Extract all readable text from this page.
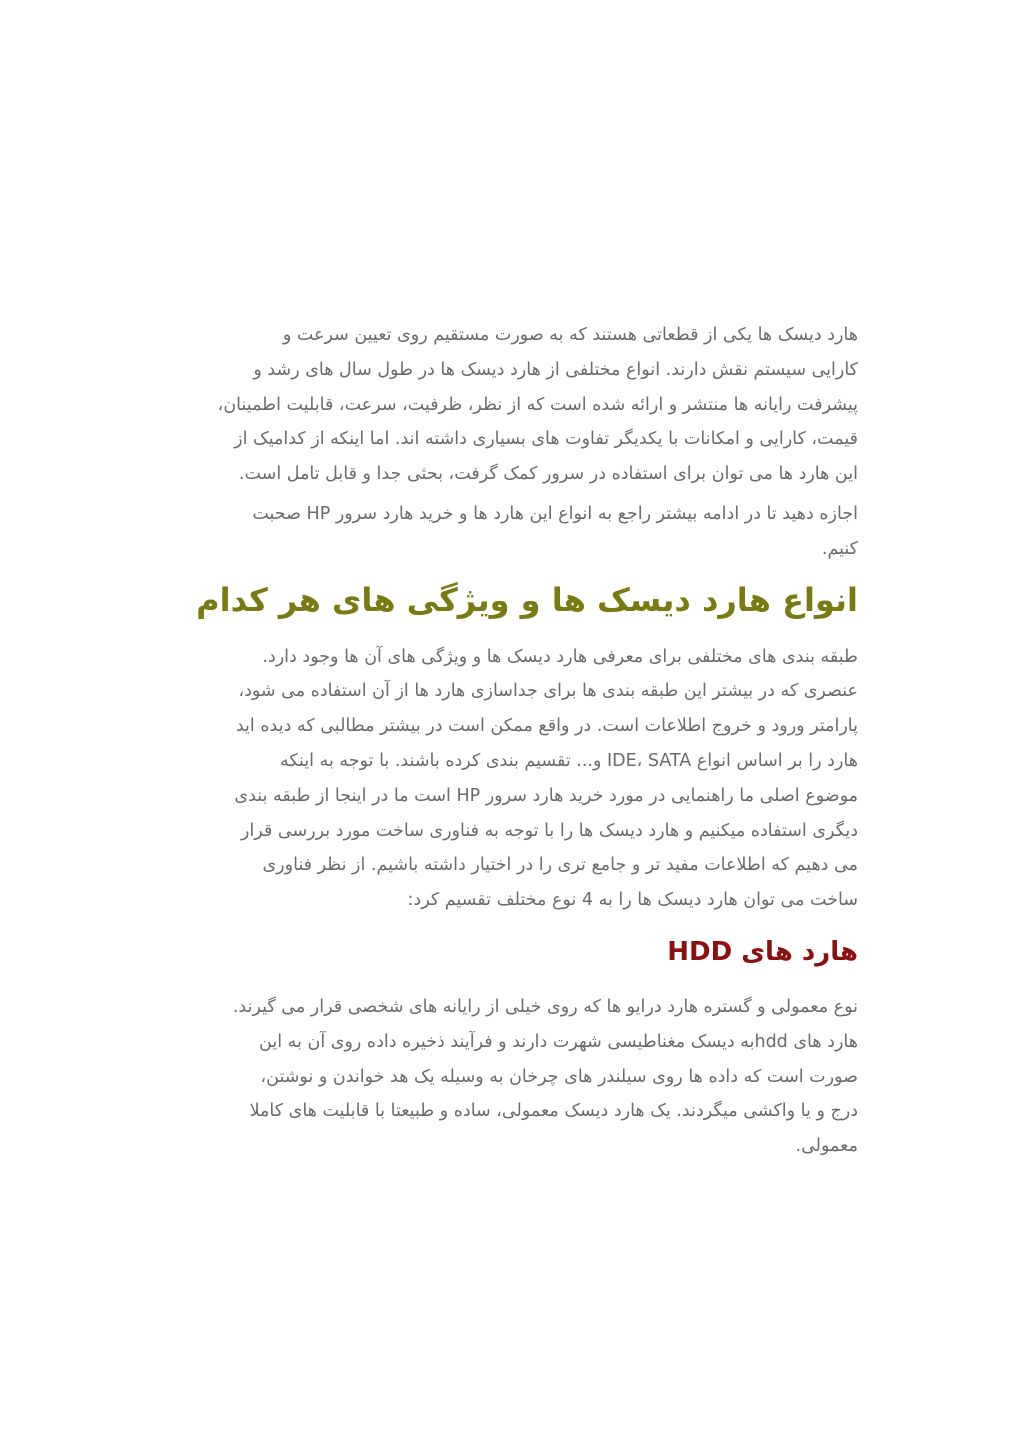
هارد دیسک ها یکی از قطعاتی هستند که به صورت مستقیم روی تعیین سرعت و
کارایی سیستم نقش دارند. انواع مختلفی از هارد دیسک ها در طول سال های رشد و
پیشرفت رایانه ها منتشر و ارائه شده است که از نظر، ظرفیت، سرعت، قابلیت اطمینان،
قیمت، کارایی و امکانات با یکدیگر تفاوت های بسیاری داشته اند. اما اینکه از کدامیک از
این هارد ها می توان برای استفاده در سرور کمک گرفت، بحثی جدا و قابل تامل است.

اجازه دهید تا در ادامه بیشتر راجع به انواع این هارد ها و خرید هارد سرور HP صحبت
کنیم.

انواع هارد دیسک ها و ویژگی های هر کدام

طبقه بندی های مختلفی برای معرفی هارد دیسک ها و ویژگی های آن ها وجود دارد.
عنصری که در بیشتر این طبقه بندی ها برای جداسازی هارد ها از آن استفاده می شود،
پارامتر ورود و خروج اطلاعات است. در واقع ممکن است در بیشتر مطالبی که دیده اید
هارد را بر اساس انواع IDE، SATA و... تقسیم بندی کرده باشند. با توجه به اینکه
موضوع اصلی ما راهنمایی در مورد خرید هارد سرور HP است ما در اینجا از طبقه بندی
دیگری استفاده میکنیم و هارد دیسک ها را با توجه به فناوری ساخت مورد بررسی قرار
می دهیم که اطلاعات مفید تر و جامع تری را در اختیار داشته باشیم. از نظر فناوری
ساخت می توان هارد دیسک ها را به 4 نوع مختلف تقسیم کرد:

هارد های HDD

نوع معمولی و گستره هارد درایو ها که روی خیلی از رایانه های شخصی قرار می گیرند.
هارد های hddبه دیسک مغناطیسی شهرت دارند و فرآیند ذخیره داده روی آن به این
صورت است که داده ها روی سیلندر های چرخان به وسیله یک هد خواندن و نوشتن،
درج و یا واکشی میگردند. یک هارد دیسک معمولی، ساده و طبیعتا با قابلیت های کاملا
معمولی.
